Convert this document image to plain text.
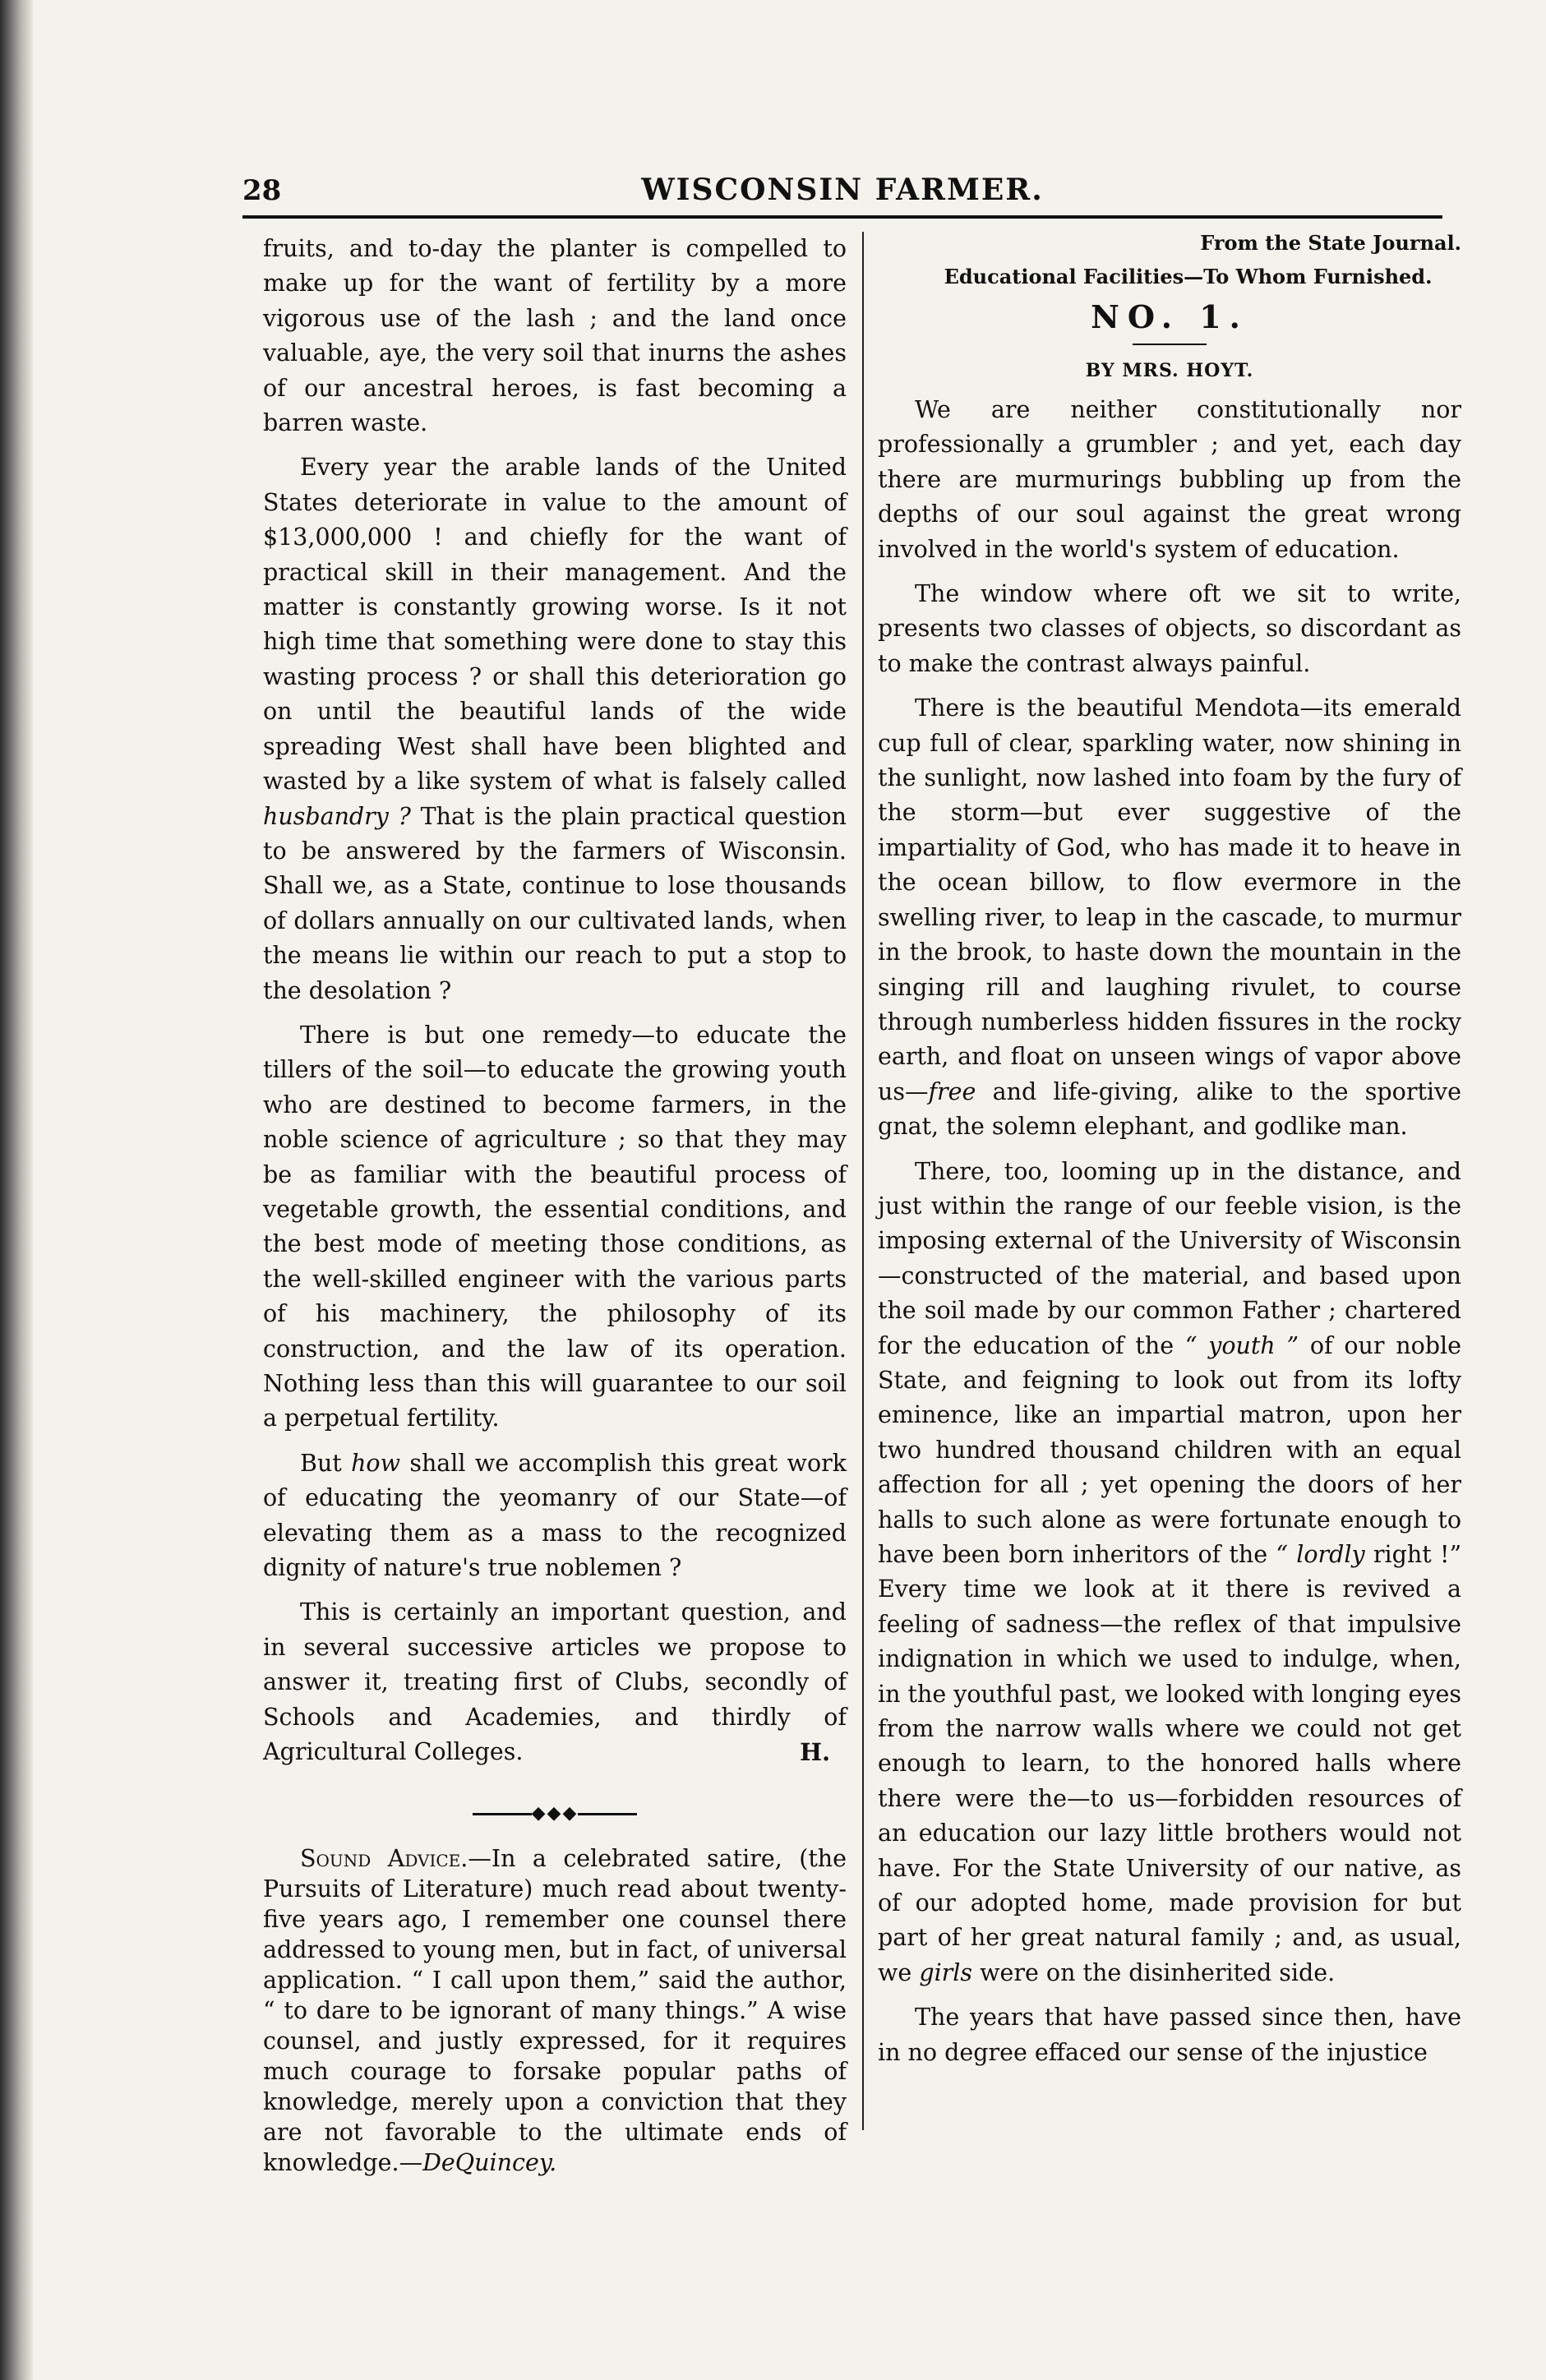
28	WISCONSIN FARMER.

fruits, and to-day the planter is compelled to make up for the want of fertility by a more vigorous use of the lash ; and the land once valuable, aye, the very soil that inurns the ashes of our ancestral heroes, is fast becoming a barren waste.

Every year the arable lands of the United States deteriorate in value to the amount of $13,000,000 ! and chiefly for the want of practical skill in their management. And the matter is constantly growing worse. Is it not high time that something were done to stay this wasting process ? or shall this deterioration go on until the beautiful lands of the wide spreading West shall have been blighted and wasted by a like system of what is falsely called husbandry ? That is the plain practical question to be answered by the farmers of Wisconsin. Shall we, as a State, continue to lose thousands of dollars annually on our cultivated lands, when the means lie within our reach to put a stop to the desolation ?

There is but one remedy—to educate the tillers of the soil—to educate the growing youth who are destined to become farmers, in the noble science of agriculture ; so that they may be as familiar with the beautiful process of vegetable growth, the essential conditions, and the best mode of meeting those conditions, as the well-skilled engineer with the various parts of his machinery, the philosophy of its construction, and the law of its operation. Nothing less than this will guarantee to our soil a perpetual fertility.

But how shall we accomplish this great work of educating the yeomanry of our State—of elevating them as a mass to the recognized dignity of nature's true noblemen ?

This is certainly an important question, and in several successive articles we propose to answer it, treating first of Clubs, secondly of Schools and Academies, and thirdly of Agricultural Colleges.	H.
◆◆◆

Sound Advice.—In a celebrated satire, (the Pursuits of Literature) much read about twenty-five years ago, I remember one counsel there addressed to young men, but in fact, of universal application. “ I call upon them,” said the author, “ to dare to be ignorant of many things.” A wise counsel, and justly expressed, for it requires much courage to forsake popular paths of knowledge, merely upon a conviction that they are not favorable to the ultimate ends of knowledge.—DeQuincey.

From the State Journal.

Educational Facilities—To Whom Furnished.

NO. 1.
BY MRS. HOYT.

We are neither constitutionally nor professionally a grumbler ; and yet, each day there are murmurings bubbling up from the depths of our soul against the great wrong involved in the world's system of education.

The window where oft we sit to write, presents two classes of objects, so discordant as to make the contrast always painful.

There is the beautiful Mendota—its emerald cup full of clear, sparkling water, now shining in the sunlight, now lashed into foam by the fury of the storm—but ever suggestive of the impartiality of God, who has made it to heave in the ocean billow, to flow evermore in the swelling river, to leap in the cascade, to murmur in the brook, to haste down the mountain in the singing rill and laughing rivulet, to course through numberless hidden fissures in the rocky earth, and float on unseen wings of vapor above us—free and life-giving, alike to the sportive gnat, the solemn elephant, and godlike man.

There, too, looming up in the distance, and just within the range of our feeble vision, is the imposing external of the University of Wisconsin—constructed of the material, and based upon the soil made by our common Father ; chartered for the education of the “ youth ” of our noble State, and feigning to look out from its lofty eminence, like an impartial matron, upon her two hundred thousand children with an equal affection for all ; yet opening the doors of her halls to such alone as were fortunate enough to have been born inheritors of the “ lordly right !” Every time we look at it there is revived a feeling of sadness—the reflex of that impulsive indignation in which we used to indulge, when, in the youthful past, we looked with longing eyes from the narrow walls where we could not get enough to learn, to the honored halls where there were the—to us—forbidden resources of an education our lazy little brothers would not have. For the State University of our native, as of our adopted home, made provision for but part of her great natural family ; and, as usual, we girls were on the disinherited side.

The years that have passed since then, have in no degree effaced our sense of the injustice
